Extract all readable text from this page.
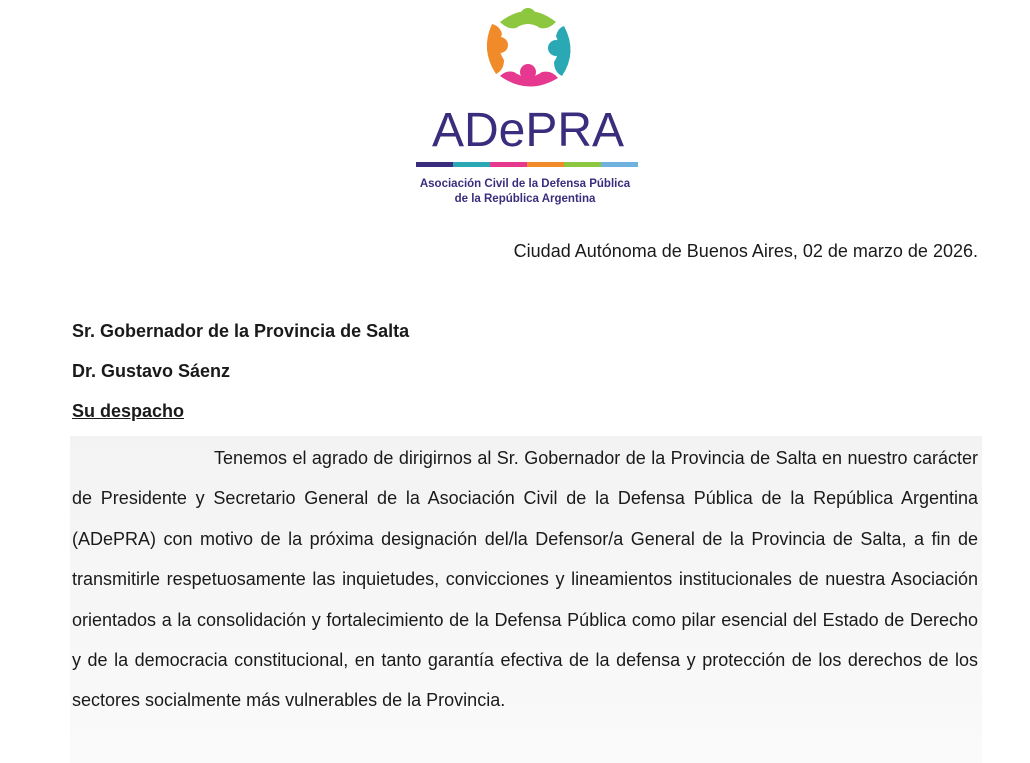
ADePRA
Asociación Civil de la Defensa Pública
de la República Argentina
Ciudad Autónoma de Buenos Aires, 02 de marzo de 2026.
Sr. Gobernador de la Provincia de Salta
Dr. Gustavo Sáenz
Su despacho
Tenemos el agrado de dirigirnos al Sr. Gobernador de la Provincia de Salta en nuestro carácter de Presidente y Secretario General de la Asociación Civil de la Defensa Pública de la República Argentina (ADePRA) con motivo de la próxima designación del/la Defensor/a General de la Provincia de Salta, a fin de transmitirle respetuosamente las inquietudes, convicciones y lineamientos institucionales de nuestra Asociación orientados a la consolidación y fortalecimiento de la Defensa Pública como pilar esencial del Estado de Derecho y de la democracia constitucional, en tanto garantía efectiva de la defensa y protección de los derechos de los sectores socialmente más vulnerables de la Provincia.
